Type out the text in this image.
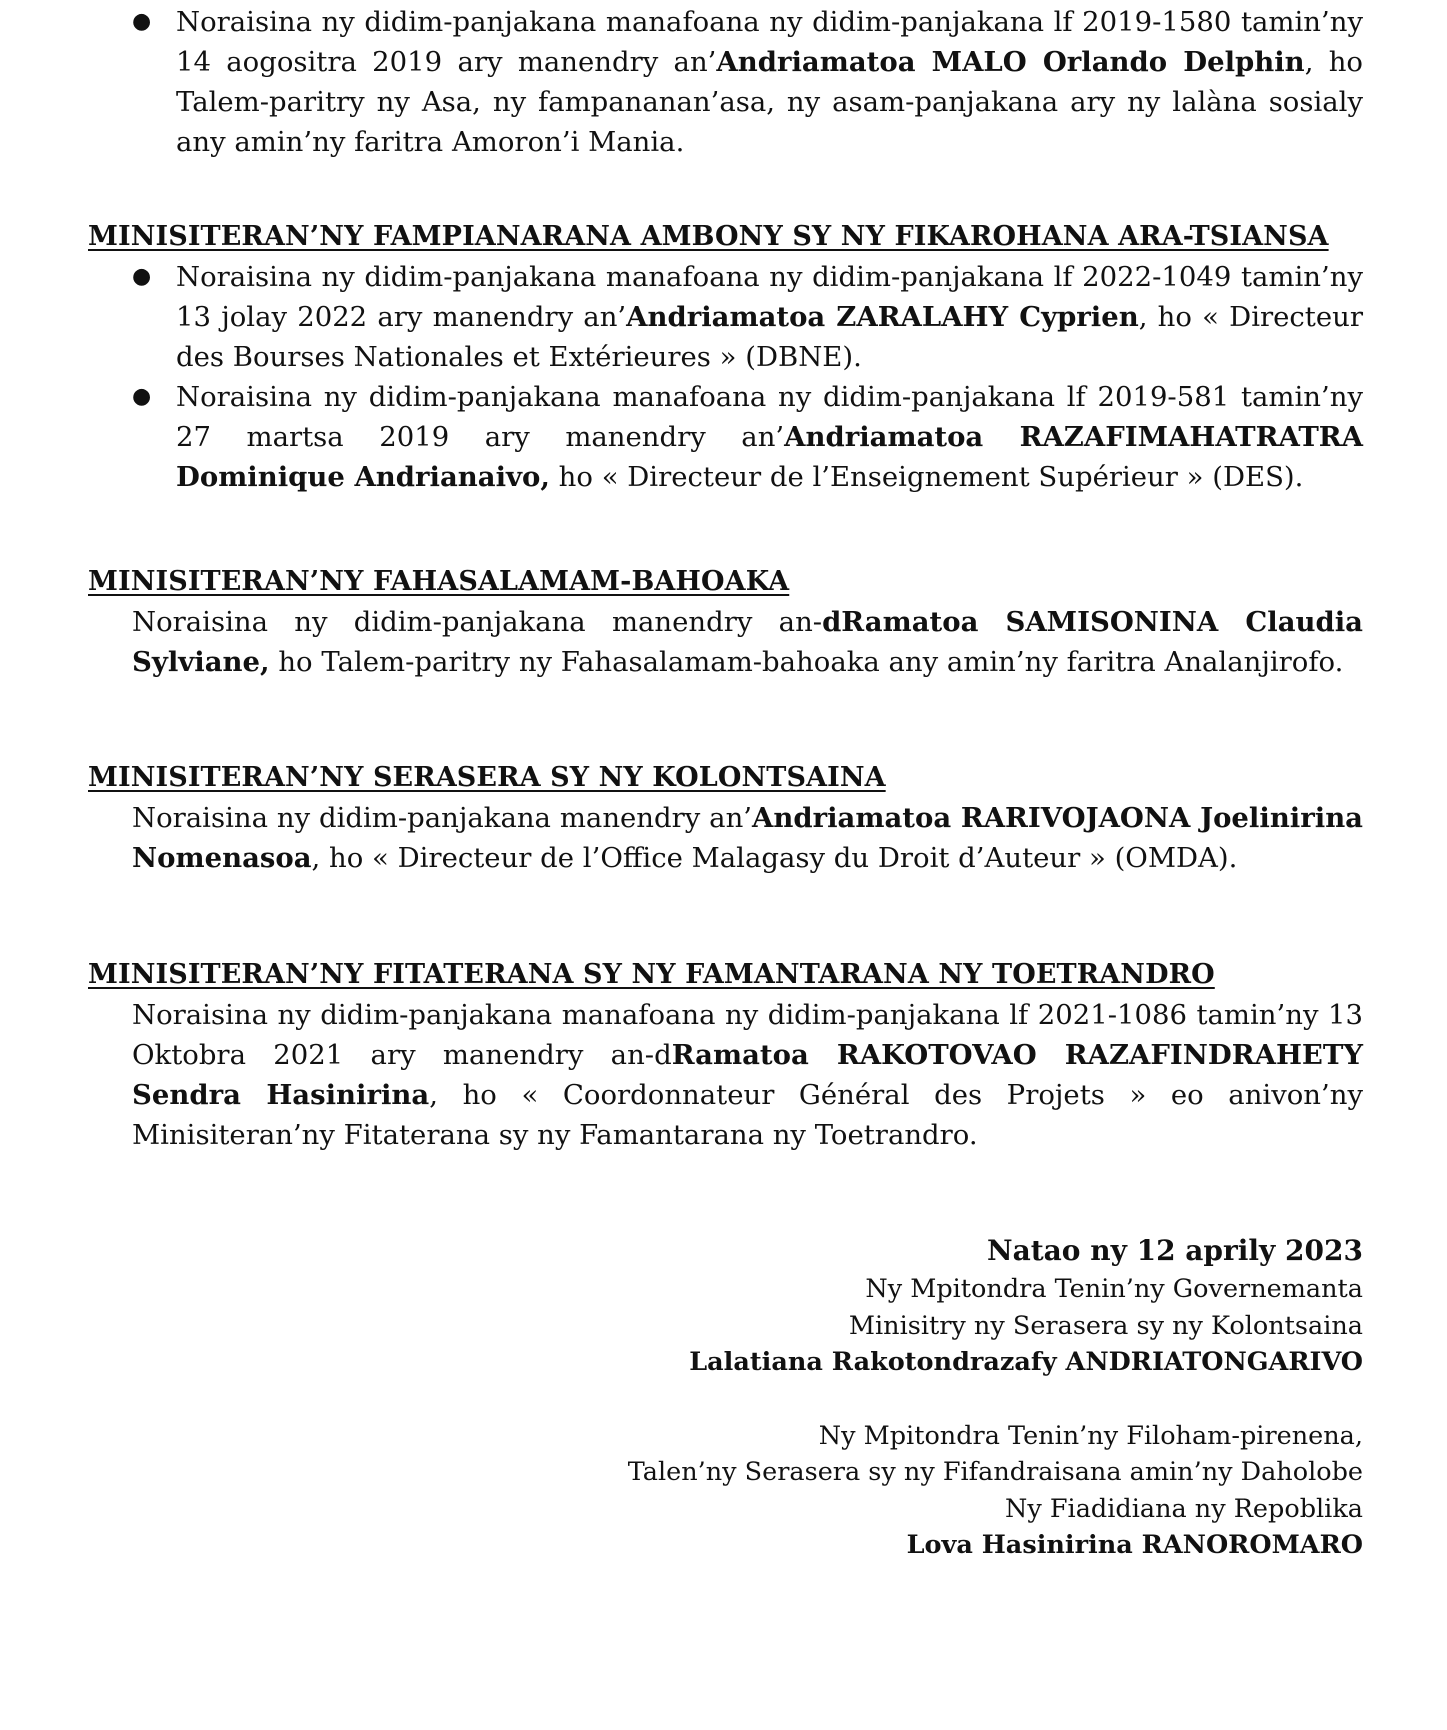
● Noraisina ny didim-panjakana manafoana ny didim-panjakana lf 2019-1580 tamin’ny 14 aogositra 2019 ary manendry an’Andriamatoa MALO Orlando Delphin, ho Talem-paritry ny Asa, ny fampananan’asa, ny asam-panjakana ary ny lalàna sosialy any amin’ny faritra Amoron’i Mania.
MINISITERAN’NY FAMPIANARANA AMBONY SY NY FIKAROHANA ARA-TSIANSA
● Noraisina ny didim-panjakana manafoana ny didim-panjakana lf 2022-1049 tamin’ny 13 jolay 2022 ary manendry an’Andriamatoa ZARALAHY Cyprien, ho « Directeur des Bourses Nationales et Extérieures » (DBNE).
● Noraisina ny didim-panjakana manafoana ny didim-panjakana lf 2019-581 tamin’ny 27 martsa 2019 ary manendry an’Andriamatoa RAZAFIMAHATRATRA Dominique Andrianaivo, ho « Directeur de l’Enseignement Supérieur » (DES).
MINISITERAN’NY FAHASALAMAM-BAHOAKA
Noraisina ny didim-panjakana manendry an-dRamatoa SAMISONINA Claudia Sylviane, ho Talem-paritry ny Fahasalamam-bahoaka any amin’ny faritra Analanjirofo.
MINISITERAN’NY SERASERA SY NY KOLONTSAINA
Noraisina ny didim-panjakana manendry an’Andriamatoa RARIVOJAONA Joelinirina Nomenasoa, ho « Directeur de l’Office Malagasy du Droit d’Auteur » (OMDA).
MINISITERAN’NY FITATERANA SY NY FAMANTARANA NY TOETRANDRO
Noraisina ny didim-panjakana manafoana ny didim-panjakana lf 2021-1086 tamin’ny 13 Oktobra 2021 ary manendry an-dRamatoa RAKOTOVAO RAZAFINDRAHETY Sendra Hasinirina, ho « Coordonnateur Général des Projets » eo anivon’ny Minisiteran’ny Fitaterana sy ny Famantarana ny Toetrandro.
Natao ny 12 aprily 2023
Ny Mpitondra Tenin’ny Governemanta
Minisitry ny Serasera sy ny Kolontsaina
Lalatiana Rakotondrazafy ANDRIATONGARIVO
Ny Mpitondra Tenin’ny Filoham-pirenena,
Talen’ny Serasera sy ny Fifandraisana amin’ny Daholobe
Ny Fiadidiana ny Repoblika
Lova Hasinirina RANOROMARO
